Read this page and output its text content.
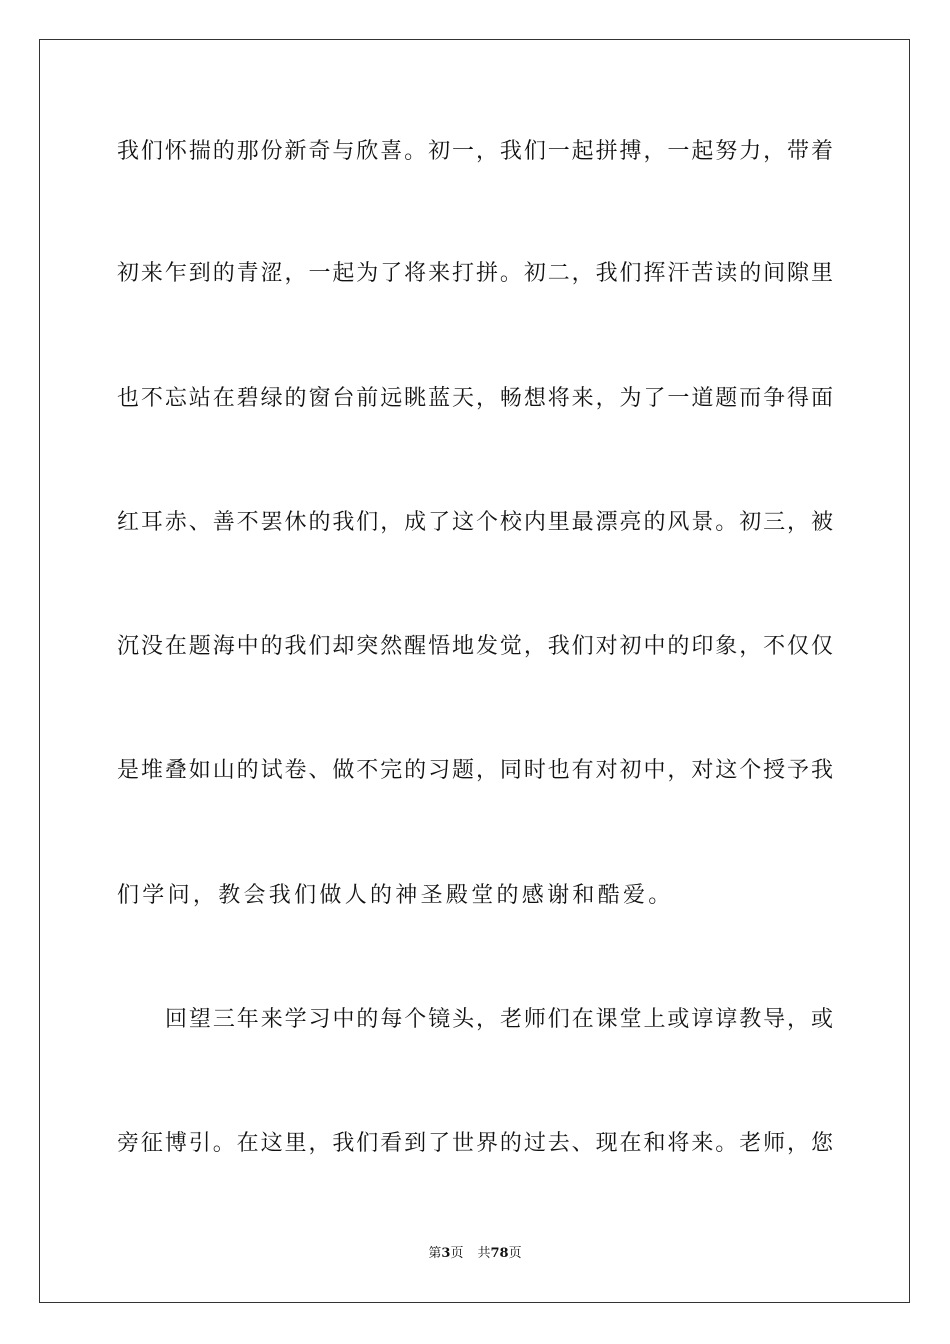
我们怀揣的那份新奇与欣喜。初一，我们一起拼搏，一起努力，带着
初来乍到的青涩，一起为了将来打拼。初二，我们挥汗苦读的间隙里
也不忘站在碧绿的窗台前远眺蓝天，畅想将来，为了一道题而争得面
红耳赤、善不罢休的我们，成了这个校内里最漂亮的风景。初三，被
沉没在题海中的我们却突然醒悟地发觉，我们对初中的印象，不仅仅
是堆叠如山的试卷、做不完的习题，同时也有对初中，对这个授予我
们学问，教会我们做人的神圣殿堂的感谢和酷爱。
回望三年来学习中的每个镜头，老师们在课堂上或谆谆教导，或
旁征博引。在这里，我们看到了世界的过去、现在和将来。老师，您
第3页 共78页
